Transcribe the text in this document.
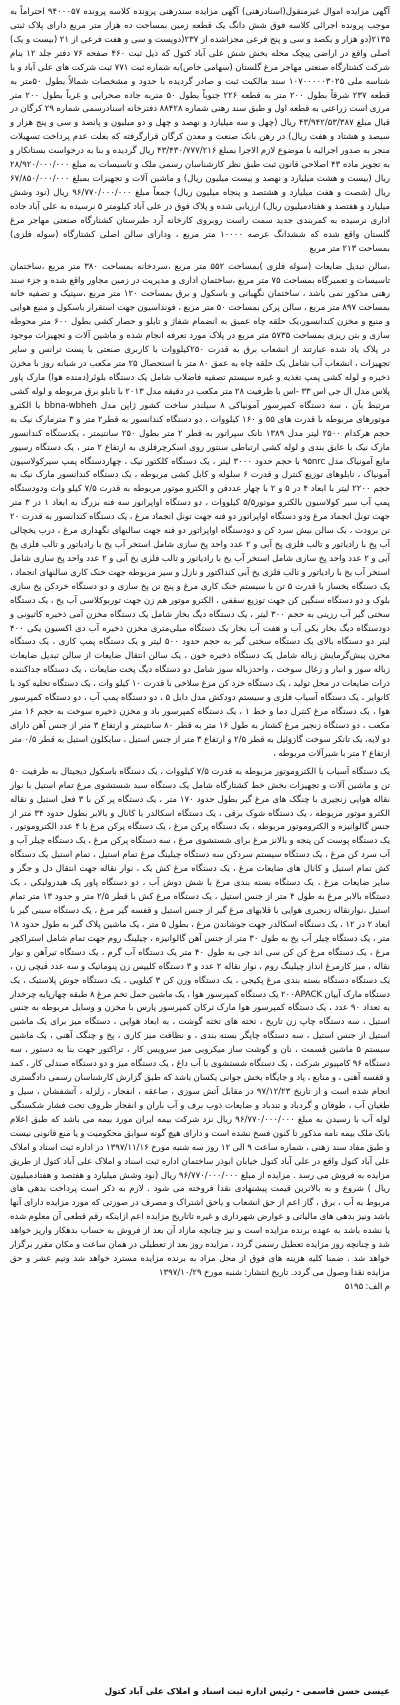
آگهی مزایده اموال غیرمنقول(اسناد‌رهنی) آگهی مزایده سند‌رهنی پرونده کلاسه پرونده ۹۴۰۰۰۵۷ احتراماً به موجب پرونده اجرائی کلاسه فوق شش دانگ یک قطعه زمین بمساحت ده هزار متر مربع دارای پلاک ثبتی ۲۱۳۵(دو هزار و یکصد و سی و پنج فرعی مجزاشده از ۲۳۷(دویست و سی و هفت فرعی از ۲۱ (بیست و یک) اصلی واقع در اراضی پیچک محله بخش شش علی آباد کتول که ذیل ثبت ۴۶۰ صفحه ۷۶ دفتر جلد ۱۲ بنام شرکت کشتارگاه صنعتی مهاجر مرغ گلستان (سهامی خاص)به شماره ثبت ۷۷۱ ثبت شرکت های علی آباد و با شناسه ملی ۱۰۷۰۰۰۰۰۳۰۲۵ سند مالکیت ثبت و صادر گردیده با حدود و مشخصات شمالاً بطول ۵۰متر به قطعه ۲۳۷ شرقاً بطول ۲۰۰ متر به قطعه ۲۲۶ جنوباً بطول ۵۰ متربه جاده صحرایی و غرباً بطول ۲۰۰ متر مرزی است زراعتی به قطعه اول و طبق سند رهنی شماره ۸۸۴۲۸ دفترخانه اسناد‌رسمی شماره ۲۹ کرگان در قبال مبلغ ۴۳/۹۴۲/۵۳/۳۸۷ ریال (چهل و سه میلیارد و نهصد و چهل و دو میلیون و پانصد و سی و پنج هزار و سیصد و هشتاد و هفت ریال) در رهن بانک صنعت و معدن کرگان قرارگرفته که بعلت عدم پرداخت تسهیلات منجر به صدور اجرائیه با موضوع لازم الاجرا بمبلغ ۴۳/۴۳۰/۷۷۷/۲۱۶ ریال گردیده و بنا به درخواست بستانکار و به تجویز ماده ۴۳ اصلاحی قانون ثبت طبق نظر کارشناسان رسمی ملک و تاسیسات به مبلغ ۲۸/۹۲۰/۰۰۰/۰۰۰ ریال (بیست و هشت میلیارد و نهصد و بیست میلیون ریال) و ماشین آلات و تجهیزات بمبلغ ۶۷/۸۵۰/۰۰۰/۰۰۰ ریال (شصت و هفت میلیارد و هشتصد و پنجاه میلیون ریال) جمعاً مبلغ ۹۶/۷۷۰/۰۰۰/۰۰۰ ریال (نود وشش میلیارد و هفتصد و هفتاد‌میلیون ریال) ارزیابی شده و پلاک فوق در علی آباد کیلومتر ۵ نرسیده به علی آباد جاده اداری نرسیده به کمربندی جدید سمت راست روبروی کارخانه آرد طبرستان کشتارگاه صنعتی مهاجر مرغ گلستان واقع شده که ششدانگ عرصه ۱۰۰۰۰ متر مربع ، ودارای سالن اصلی کشتارگاه (سوله فلزی) بمساحت ۲۱۳ متر مربع

،سالن تبدیل ضایعات (سوله فلزی )بمساحت ۵۵۲ متر مربع ،سردخانه بمساحت ۳۸۰ متر مربع ،ساختمان تاسیسات و تعمیرگاه بمساحت ۷۵ متر مربع ،ساختمان اداری و مدیریت در زمین مجاور واقع شده و جزء سند رهنی مذکور نمی باشد ، ساختمان نگهبانی و باسکول و برق بمساحت ۱۲۰ متر مربع ،سپتیک و تصفیه خانه بمساحت ۸۹۷ متر مربع ، سالن پرکن بمساحت ۵۰ متر مربع ، فونداسیون جهت استقرار باسکول و منبع هوایی و منبع و مخزن کندانسور،یک حلقه چاه عمیق به انضمام شفاژ و تابلو و حصار کشی بطول ۶۰۰ متر محوطه سازی و بتن ریزی بمساحت ۵۷۳۵ متر مربع در پلاک مورد تعرفه انجام شده و ماشین آلات و تجهیزات موجود در پلاک یاد شده عبارتند از انشعاب برق به قدرت ۲۵۰کیلووات با کاربری صنعتی با پست ترانس و سایر تجهیزات ، انشعاب آب شامل یک حلقه چاه به عمق ۸۰ متر با استحصال ۲۵ متر مکعب در شبانه روز با مخزن ذخیره و لوله کشی پمپ تغذیه و غیره سیستم تصفیه فاضلاب شامل یک دستگاه بلوئر(دمنده هوا) مارک پاور پلاس مدل ال جی اس ۳۳ -اس با ظرفیت ۲۸ متر مکعب در دقیقه مدل ۲۰۱۳ با تابلو برق مربوطه و لوله کشی مرتبط بآن ، سه دستگاه کمپرسور آمونیاکی ۸ سیلندر ساخت کشور ژاپن مدل bbna-wbheh با الکترو موتورهای مربوطه با قدرت های ۵۵ و ۱۶۰ کیلووات ، دو دستگاه کندانسور به قطر۲ متر و ۳ مترمارک نیک به حجم هرکدام ۲۵۰۰ لیتر مدل ۱۳۸۹ تانک سپراتور به قطر ۲ متر بطول ۲۵۰ سانتیمتر ، یکدستگاه کندانسور مارک نیک با عایق بندی و لوله کشی ارتباطی سنتور روی اسکرچرفلزی به ارتفاع ۲ متر ، یک دستگاه رسیور مایع آمونیاک مدل ۹۵nrc با حجم حدود ۳۰۰۰ لیتر ، یک دستگاه کلکتور نیک ، چهاردستگاه پمپ سیرکولاسیون آمونیاک ، تابلوهای توزیع کنترل و قدرت ۶ سلوله و کابل کشی مربوطه ، یک دستگاه کندانسور مارک نیک به حجم ۲۲۰۰ لیتر با ابعاد ۴ در ۵ و ۲ با چهار عددفن و الکترو موتور مربوطه به قدرت ۷/۵ کیلو وات ودودستگاه پمپ آب سیر کولاسیون بالکترو موتور۵/۵ کیلووات ، دو دستگاه اواپراتور سه فنه بزرگ به ابعاد ۱ در ۳ متر جهت تونل انجماد مرغ ودو دستگاه اواپراتور دو فنه جهت تونل انجماد مرغ ، یک دستگاه کندانسور به قدرت ۲۰ تن برودت ، یک سالن بیش سرد کن و دودستگاه اواپراتور دو فنه جهت سالنهای نگهداری مرغ ، درب یخچالی آب پخ با رادیاتور و تالب فلزی پخ آبی و ۲ عدد واحد پخ سازی شامل استخر آب یخ با رادیاتور و تالب فلزی پخ آبی و ۲ عدد واحد پخ سازی شامل استخر آب یخ با رادیاتور و تالب فلزی یخ آبی و ۲ عدد واحد پخ سازی شامل استخر آب یخ با رادیاتور و تالب فلزی یخ آبی کنداکتور و نازل و سیر مربوطه جهت خنک کاری سالنهای انجماد ، یک دستگاه یخساز با قدرت ۵ تن با سیستم خنک کاری مرغ و پنج تن پخ سازی و دو دستگاه خردکن پخ سازی بلوک و دو دستگاه سنگین کن جهت توزیع سقفی ، الکترو موتور هم زن جهت توربوکلاسی آب یخ ، یک دستگاه سختی گیر آب رزینی به حجم ۳۰۰ لیتر ، یک دستگاه دیگ بخار شامل یک دستگاه مخزن آمی ذخیره کاتیونی و دودستگاه دیگ بخار یکی آب و هفت آب بخار یک دستگاه میلی‌متری مخزن ذخیره آب دی اکسیون یکی ۴۰۰ لیتر دو دستگاه بالای یک دستگاه سختی گیر به حجم حدود ۵۰۰ لیتر و یک دستگاه پمپ کاری ، یک دستگاه مخزن پیش‌گرمایش زباله شامل یک دستگاه ذخیره خون ، یک سالن انتقال ضایعات از سالن تبدیل ضایعات زباله سوز و انبار و زغال سوخت ، واحدزباله سوز شامل دو دستگاه دیگ پخت ضایعات ، یک دستگاه جداکننده ذرات ضایعات در محل تولید ، یک دستگاه خرد کن مرغ سلاخی با قدرت ۱۰ کیلو وات ، یک دستگاه تخلیه کود با کانوایر ، یک دستگاه آسیاب فلزی و سیستم دودکش مدل دابل ۵ ، دو دستگاه پمپ آب ، دو دستگاه کمپرسور هوا ، یک دستگاه مرغ کنترل دما و خط ۱ ، یک دستگاه کمپرسور باد و مخزن ذخیره سوخت به حجم ۱۶ متر مکعب ، دو دستگاه زنجیر مرغ کشتار به طول ۱۶ متر به قطر ۸۰ سانتیمتر و ارتفاع ۳ متر از جنس آهن دارای دو لایه، یک تانکر سوخت گازوئیل به قطر ۲/۵ و ارتفاع ۳ متر از جنس استیل ، سایکلون استیل به قطر ۰/۵ متر ارتفاع ۲ متر با شیرآلات مربوطه ،

یک دستگاه آسیاب با الکتروموتور مربوطه به قدرت ۷/۵ کیلووات ، یک دستگاه باسکول دیجیتال به ظرفیت ۵۰ تن و ماشین آلات و تجهیزات بخش خط کشتارگاه شامل یک دستگاه سبد شستشوی مرغ تمام استیل با نوار نقاله هوایی زنجیری با چنگک های مرغ گیر بطول حدود ۱۷۰ متر ، یک دستگاه پر کن با ۳ فعل استیل و نقاله الکترو موتور مربوطه ، یک دستگاه شوک برقی ، یک دستگاه اسکالدر با کانال و بالابر بطول حدود ۳۴ متر از جنس گالوانیزه و الکتروموتور مربوطه ، یک دستگاه پرکن مرغ ، یک دستگاه پرکن مرغ با ۴ عدد الکتروموتور ، یک دستگاه پوست کن پنجه و بالانز مرغ برای شستشوی مرغ ، سه دستگاه پرکن مرغ ، یک دستگاه چیلر آب و آب سرد کن مرغ ، یک دستگاه سیستم سردکن سه دستگاه چیلینگ مرغ تمام استیل ، تمام استیل یک دستگاه کش تمام استیل و کانال های ضایعات مرغ ، یک دستگاه مرغ کش یک ، نوار نقاله جهت انتقال دل و جگر و سایر ضایعات مرغ ، یک دستگاه بسته بندی مرغ با شش دوش آب ، دو دستگاه پاور پک هیدرولیکی ، یک دستگاه بالابر مرغ به طول ۴ متر از جنس استیل ، یک دستگاه مرغ کش با قطر ۲/۵ متر و حدود ۱۳ متر تمام استیل ،نوارنقاله زنجیری هوایی با قلابهای مرغ گیر از جنس استیل و قفسه گیر مرغ ، یک دستگاه سینی گیر با ابعاد ۲ در ۱۲ ، یک دستگاه اسکالدر جهت جوشاندن مرغ ، بطول ۵ متر ، یک ماشین پلاک گیر به طول حدود ۱۸ متر ، یک دستگاه چیلر آب یخ به طول ۳۰ متر از جنس آهن گالوانیزه ، چیلینگ روم جهت تمام شامل استراکچر مرغ ، یک دستگاه مرغ کن کن سی اند جی به طول ۴۰ متر یک دستگاه آب گرم ، یک دستگاه تیرآهن و نوار نقاله ، میز کارمرغ انداز چیلینگ روم ، نوار نقاله ۲ عدد و ۳ دستگاه کلیپس زن پنوماتیک و سه عدد قیچی زن ، یک دستگاه دستگاه بسته بندی مرغ پکیجی ، یک دستگاه وزن کن ۳ کیلویی ، یک دستگاه جوش پلاستیک ، یک دستگاه مارک آیپان ۲۰۰APACK یک دستگاه کمپرسور هوا ، یک ماشین حمل تخم مرغ ۸ طبقه چهارپایه چرخدار به تعداد ۹۰ عدد ، یک دستگاه کمپرسور هوا مارک ترکان کمپرسور پارس با مخزن و وسایل مربوطه به جنس استیل ، سه دستگاه چاپ زن تاریخ ، تخته های تخته گوشت ، به ابعاد هوایی ، دستگاه میز برای یک ماشین استیل از جنس استیل ، سه دستگاه چاپگر بسته بندی ، و نظافت میز کاری ، پخ و چنگک آهنی ، یک ماشین سیستم ۵ ماشین قسمت ، نان و گوشت ساز میکروبی میز سرویس کار ، تراکتور جهت بنا به دستور ، سه دستگاه ۹۶ کامپیوتر شرکت ، یک دستگاه شستشوی با آب داغ ، یک دستگاه میز و دو دستگاه صندلی کار ، کمد و قفسه آهنی ، و منابع ، پاد و جایگاه بخش جوانی یکسان باشد که طبق گزارش کارشناسان رسمی دادگستری انجام شده است و از تاریخ ۹۷/۱۲/۲۳ در مقابل آتش سوزی ، صاعقه ، انفجار ، زلزله ، آتشفشان ، سیل و طغیان آب ، طوفان و گردباد و تندباد و ضایعات ذوب برف و آب باران و انفجار ظروف تحت فشار شکستگی لوله آب با رسیدن به مبلغ ۹۶/۷۷۰/۰۰۰/۰۰۰ ریال نزد شرکت بیمه ایران مورد بیمه می باشد که طبق اعلام بانک ملک بیمه نامه مذکور تا کنون فسخ نشده است و دارای هیچ گونه سوابق محکومیت و یا منع قانونی نیست و طبق مفاد سند رهنی ، شماره ساعت ۹ الی ۱۲ روز سه شنبه مورخ ۱۳۹۷/۱۱/۱۶ در اداره ثبت اسناد و املاک علی آباد کتول واقع در علی آباد کتول خیابان ابوذر ساختمان اداره ثبت اسناد و املاک علی آباد کتول از طریق مزایده به فروش می رسد . مزایده از مبلغ ۹۶/۷۷۰/۰۰۰/۰۰۰ ریال (نود وشش میلیارد و هفتصد و هفتاد‌میلیون ریال ) شروع و به بالاترین قیمت پیشنهادی نقدا فروخته می شود . لازم به ذکر است پرداخت بدهی های مربوط به آب ، برق ، گاز اعم از حق انشعاب و یاحق اشتراک و مصرف در صورتی که مورد مزایده دارای آنها باشد ونیز بدهی های مالیاتی و عوارض شهرداری و غیره تاتاریخ مزایده اعم ازاینکه رقم قطعی آن معلوم شده یا نشده باشد به عهده برنده مزایده است و نیز چنانچه مازاد آن بعد از فروش به حساب بدهکار واریز خواهد شد و چنانچه روز مزایده تعطیل رسمی گردد ، مزایده روز بعد از تعطیلی در همان ساعت و مکان مقرر برگزار خواهد شد . ضمنا کلیه هزینه های فوق از محل مزاد به برنده مزایده مسترد خواهد شد وتیم عشر و حق مزایده نقدا وصول می گردد. تاریخ انتشار: شنبه مورخ ۱۳۹۷/۱۰/۲۹

م الف: ۵۱۹۵

عیسی حسن قاسمی - رئیس اداره ثبت اسناد و املاک علی آباد کتول
